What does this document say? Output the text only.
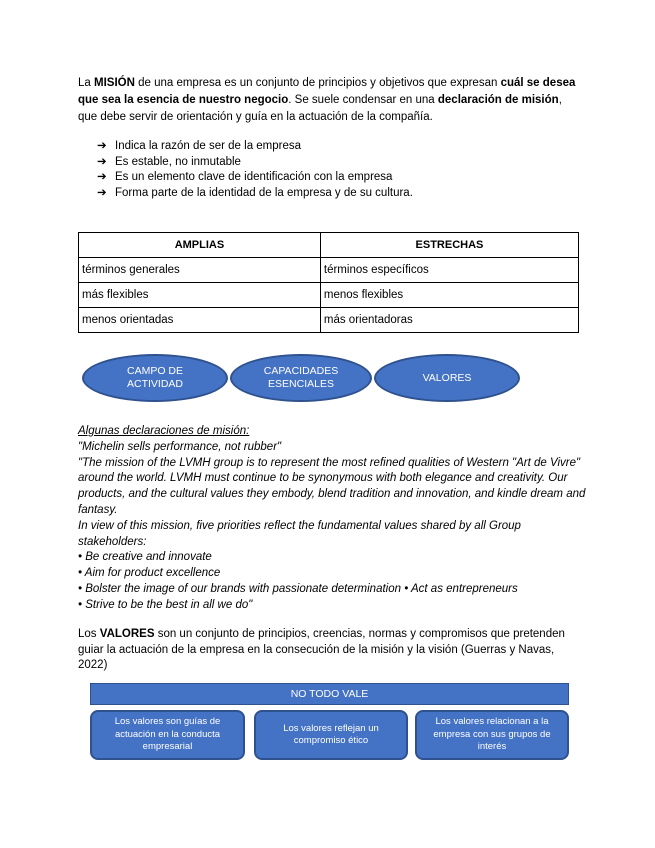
La MISIÓN de una empresa es un conjunto de principios y objetivos que expresan cuál se desea que sea la esencia de nuestro negocio. Se suele condensar en una declaración de misión, que debe servir de orientación y guía en la actuación de la compañía.
➔ Indica la razón de ser de la empresa
➔ Es estable, no inmutable
➔ Es un elemento clave de identificación con la empresa
➔ Forma parte de la identidad de la empresa y de su cultura.
AMPLIAS	ESTRECHAS
términos generales	términos específicos
más flexibles	menos flexibles
menos orientadas	más orientadoras
CAMPO DE ACTIVIDAD
CAPACIDADES ESENCIALES
VALORES
Algunas declaraciones de misión:
"Michelin sells performance, not rubber"
"The mission of the LVMH group is to represent the most refined qualities of Western "Art de Vivre" around the world. LVMH must continue to be synonymous with both elegance and creativity. Our products, and the cultural values they embody, blend tradition and innovation, and kindle dream and fantasy.
In view of this mission, five priorities reflect the fundamental values shared by all Group stakeholders:
• Be creative and innovate
• Aim for product excellence
• Bolster the image of our brands with passionate determination • Act as entrepreneurs
• Strive to be the best in all we do"
Los VALORES son un conjunto de principios, creencias, normas y compromisos que pretenden guiar la actuación de la empresa en la consecución de la misión y la visión (Guerras y Navas, 2022)
NO TODO VALE
Los valores son guías de actuación en la conducta empresarial
Los valores reflejan un compromiso ético
Los valores relacionan a la empresa con sus grupos de interés
